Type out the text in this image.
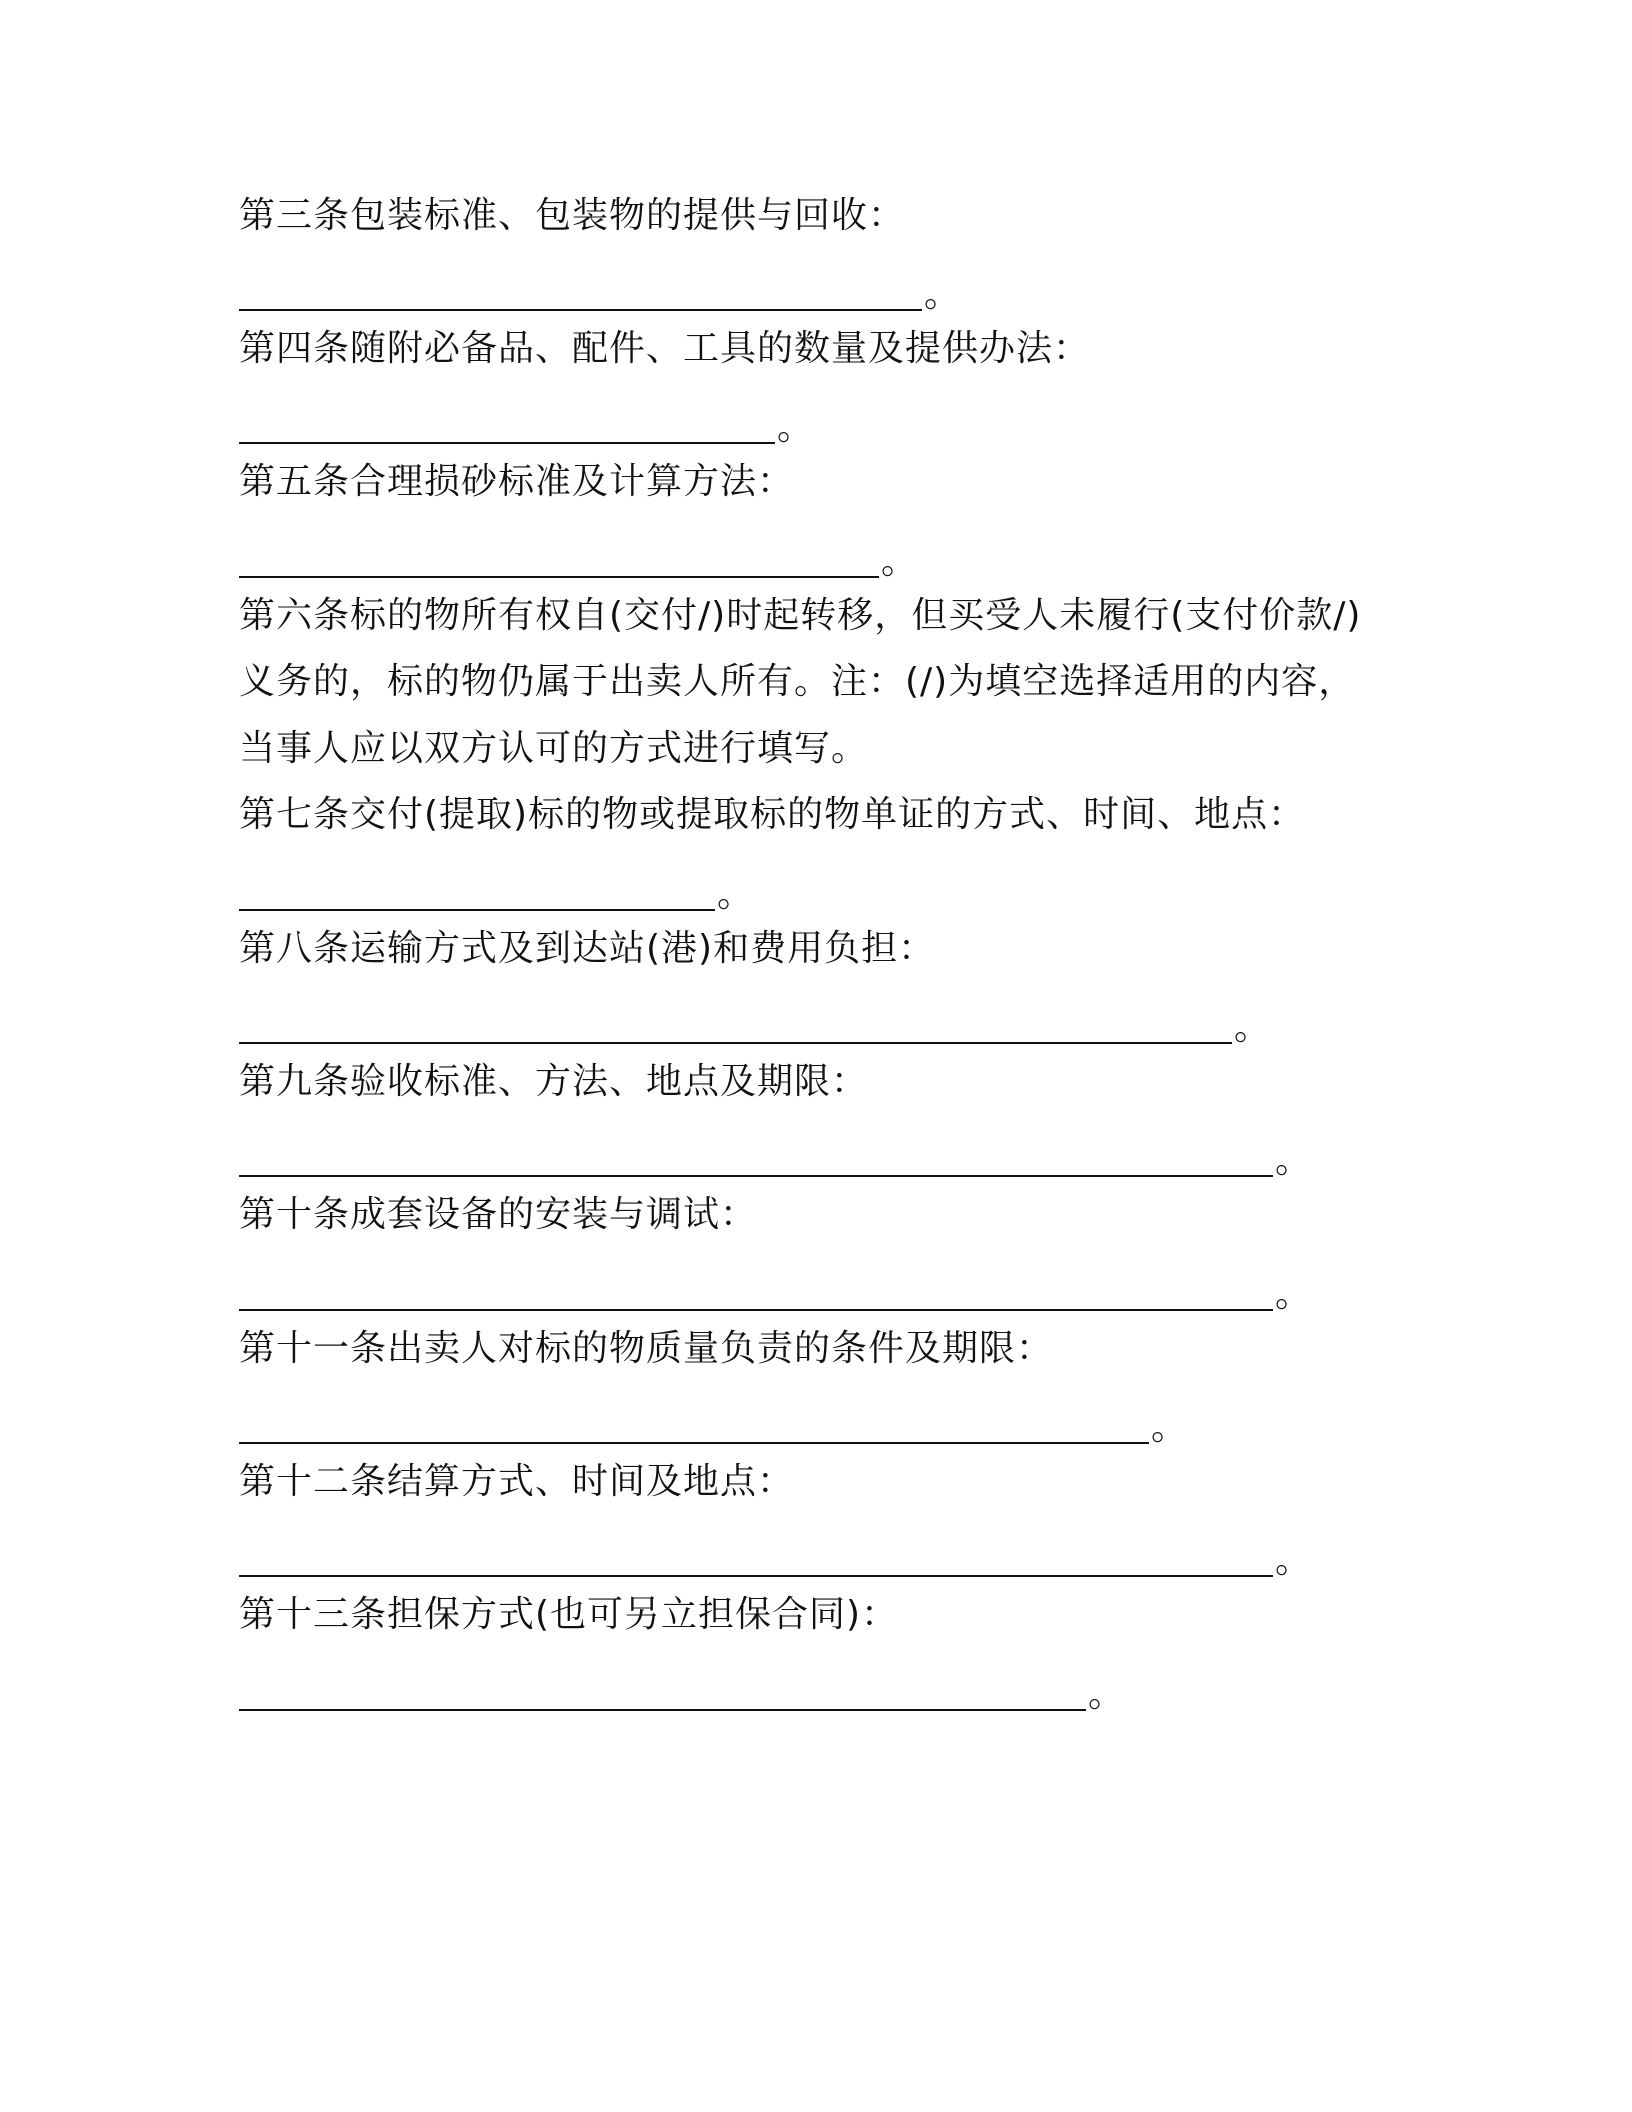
第三条包装标准、包装物的提供与回收：
。
第四条随附必备品、配件、工具的数量及提供办法：
。
第五条合理损砂标准及计算方法：
。
第六条标的物所有权自(交付/)时起转移，但买受人未履行(支付价款/)
义务的，标的物仍属于出卖人所有。注：(/)为填空选择适用的内容，
当事人应以双方认可的方式进行填写。
第七条交付(提取)标的物或提取标的物单证的方式、时间、地点：
。
第八条运输方式及到达站(港)和费用负担：
。
第九条验收标准、方法、地点及期限：
。
第十条成套设备的安装与调试：
。
第十一条出卖人对标的物质量负责的条件及期限：
。
第十二条结算方式、时间及地点：
。
第十三条担保方式(也可另立担保合同)：
。
